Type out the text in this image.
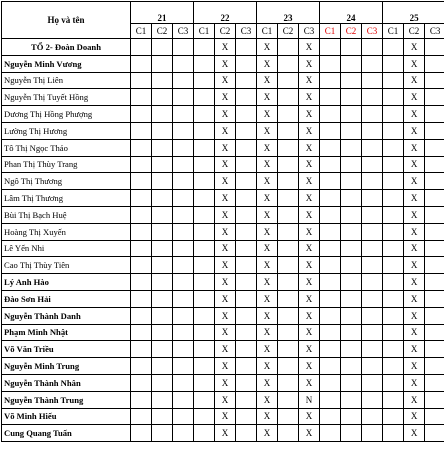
Họ và tên	21			22			23			24			25		
	C1	C2	C3	C1	C2	C3	C1	C2	C3	C1	C2	C3	C1	C2	C3
TỔ 2- Đoàn Doanh					X		X		X					X	
Nguyễn Minh Vương					X		X		X					X	
Nguyễn Thị Liên					X		X		X					X	
Nguyễn Thị Tuyết Hồng					X		X		X					X	
Dương Thị Hồng Phượng					X		X		X					X	
Lường Thị Hương					X		X		X					X	
Tô Thị Ngọc Thảo					X		X		X					X	
Phan Thị Thùy Trang					X		X		X					X	
Ngô Thị Thương					X		X		X					X	
Lâm Thị Thương					X		X		X					X	
Bùi Thị Bạch Huệ					X		X		X					X	
Hoàng Thị Xuyến					X		X		X					X	
Lê Yến Nhi					X		X		X					X	
Cao Thị Thùy Tiên					X		X		X					X	
Lý Anh Hào					X		X		X					X	
Đào Sơn Hải					X		X		X					X	
Nguyễn Thành Danh					X		X		X					X	
Phạm Minh Nhật					X		X		X					X	
Võ Văn Triều					X		X		X					X	
Nguyễn Minh Trung					X		X		X					X	
Nguyễn Thành Nhân					X		X		X					X	
Nguyễn Thành Trung					X		X		N					X	
Võ Minh Hiếu					X		X		X					X	
Cung Quang Tuấn					X		X		X					X	
